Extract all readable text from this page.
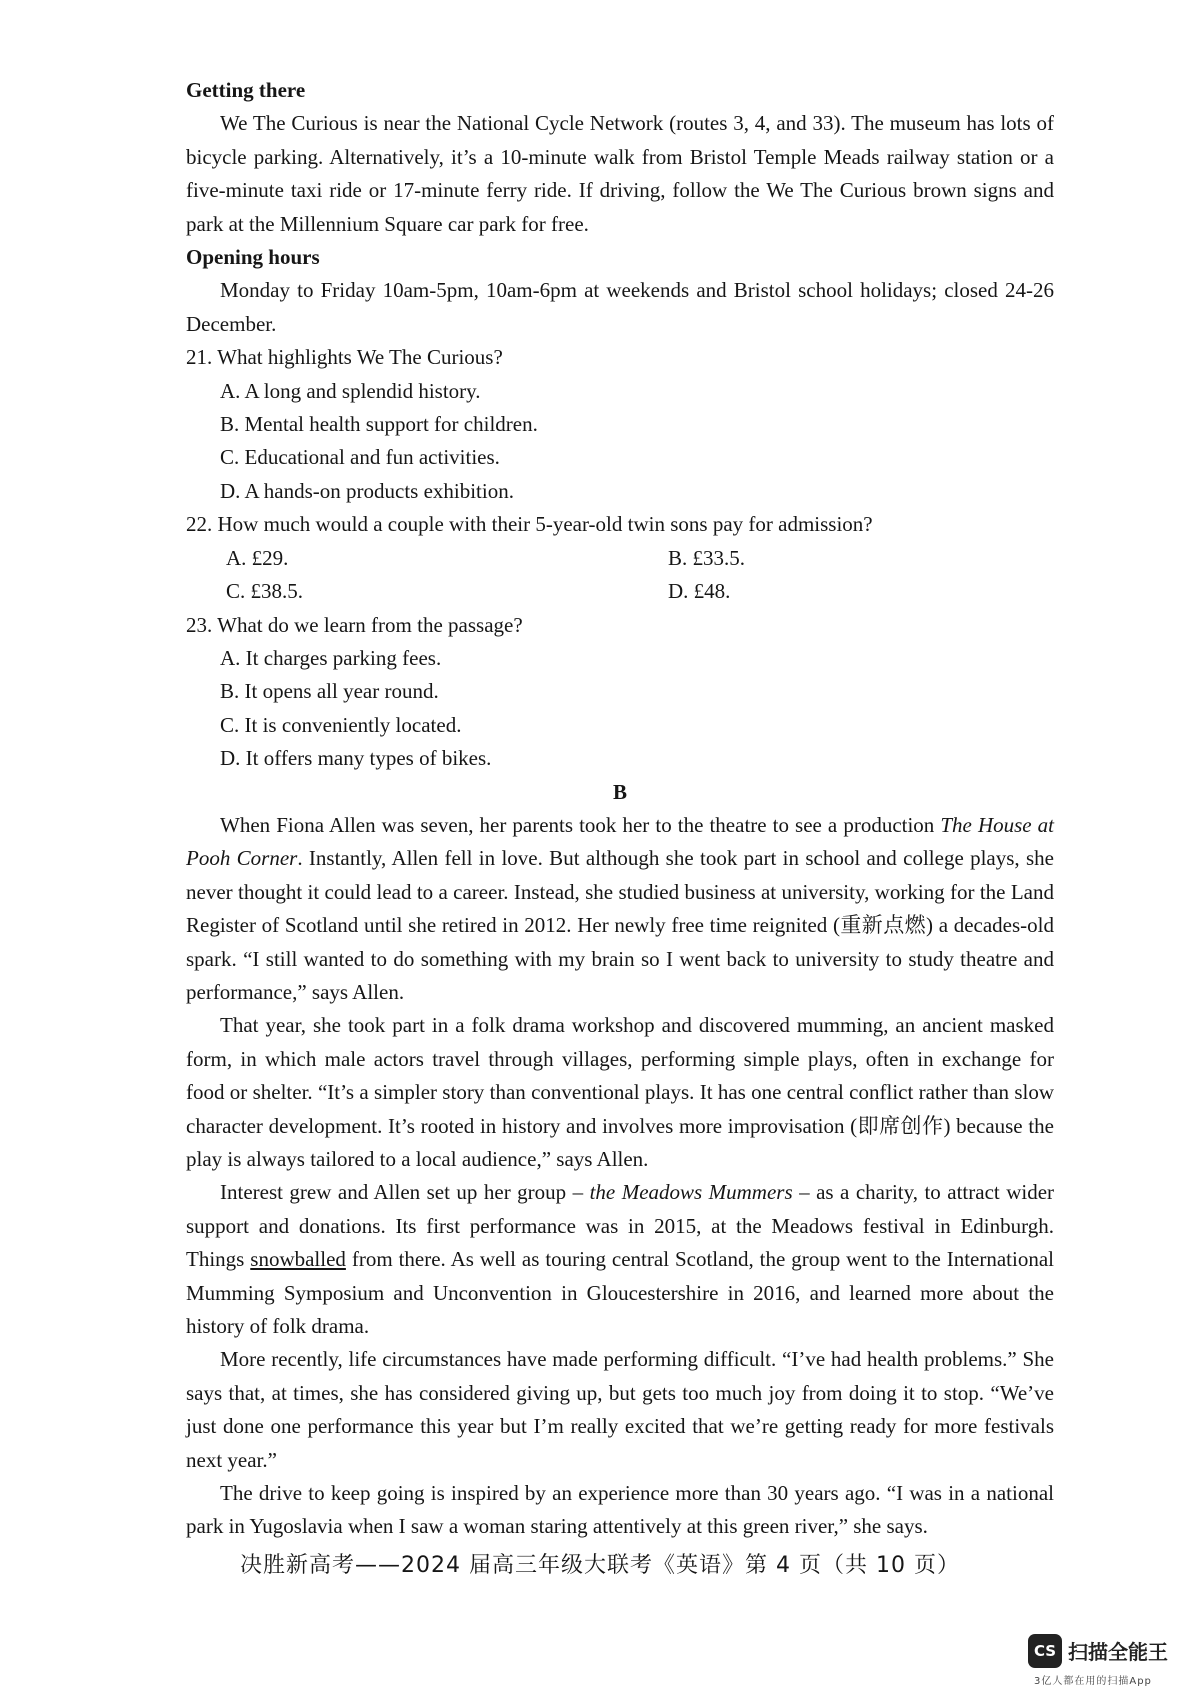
Getting there

We The Curious is near the National Cycle Network (routes 3, 4, and 33). The museum has lots of bicycle parking. Alternatively, it’s a 10-minute walk from Bristol Temple Meads railway station or a five-minute taxi ride or 17-minute ferry ride. If driving, follow the We The Curious brown signs and park at the Millennium Square car park for free.

Opening hours

Monday to Friday 10am-5pm, 10am-6pm at weekends and Bristol school holidays; closed 24-26 December.

21. What highlights We The Curious?

A. A long and splendid history.

B. Mental health support for children.

C. Educational and fun activities.

D. A hands-on products exhibition.

22. How much would a couple with their 5-year-old twin sons pay for admission?

A. £29.	B. £33.5.
C. £38.5.	D. £48.

23. What do we learn from the passage?

A. It charges parking fees.

B. It opens all year round.

C. It is conveniently located.

D. It offers many types of bikes.

B

When Fiona Allen was seven, her parents took her to the theatre to see a production The House at Pooh Corner. Instantly, Allen fell in love. But although she took part in school and college plays, she never thought it could lead to a career. Instead, she studied business at university, working for the Land Register of Scotland until she retired in 2012. Her newly free time reignited (重新点燃) a decades-old spark. “I still wanted to do something with my brain so I went back to university to study theatre and performance,” says Allen.

That year, she took part in a folk drama workshop and discovered mumming, an ancient masked form, in which male actors travel through villages, performing simple plays, often in exchange for food or shelter. “It’s a simpler story than conventional plays. It has one central conflict rather than slow character development. It’s rooted in history and involves more improvisation (即席创作) because the play is always tailored to a local audience,” says Allen.

Interest grew and Allen set up her group – the Meadows Mummers – as a charity, to attract wider support and donations. Its first performance was in 2015, at the Meadows festival in Edinburgh. Things snowballed from there. As well as touring central Scotland, the group went to the International Mumming Symposium and Unconvention in Gloucestershire in 2016, and learned more about the history of folk drama.

More recently, life circumstances have made performing difficult. “I’ve had health problems.” She says that, at times, she has considered giving up, but gets too much joy from doing it to stop. “We’ve just done one performance this year but I’m really excited that we’re getting ready for more festivals next year.”

The drive to keep going is inspired by an experience more than 30 years ago. “I was in a national park in Yugoslavia when I saw a woman staring attentively at this green river,” she says.

决胜新高考——2024 届高三年级大联考《英语》第 4 页（共 10 页）
CS 扫描全能王
3亿人都在用的扫描App
